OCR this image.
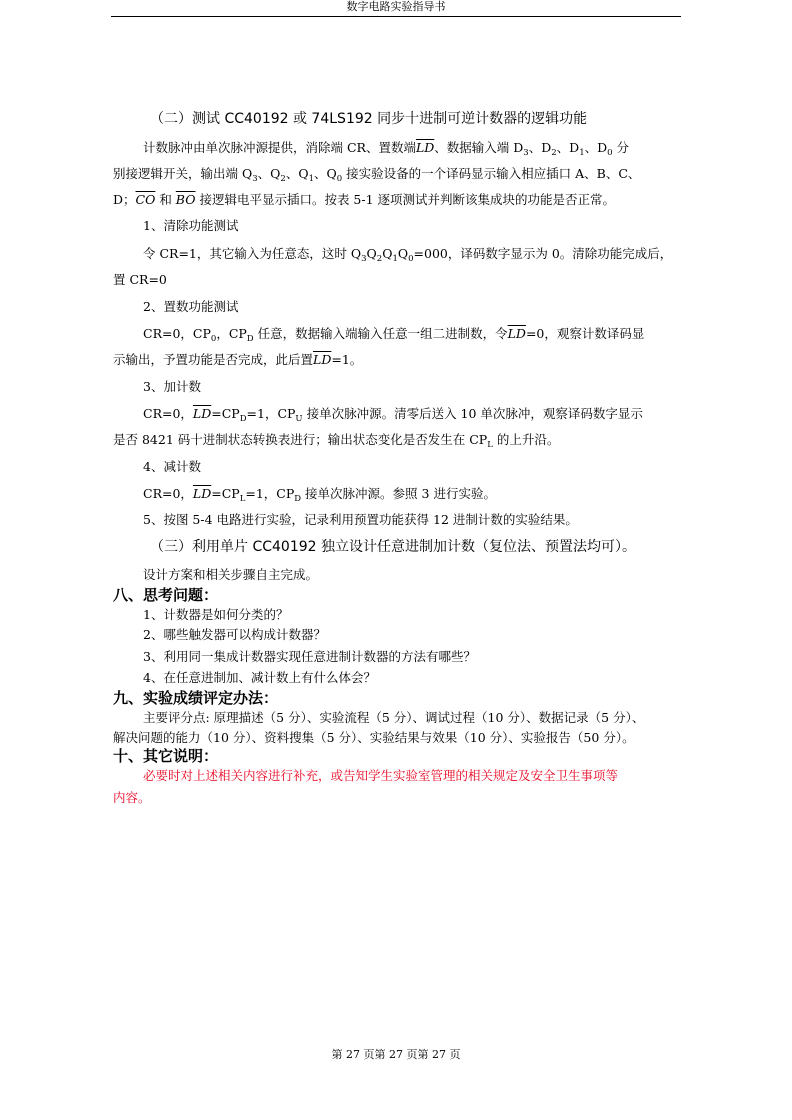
数字电路实验指导书
（二）测试 CC40192 或 74LS192 同步十进制可逆计数器的逻辑功能
计数脉冲由单次脉冲源提供，消除端 CR、置数端$\overline{LD}$、数据输入端 $D_3$、$D_2$、$D_1$、$D_0$ 分
别接逻辑开关，输出端 $Q_3$、$Q_2$、$Q_1$、$Q_0$ 接实验设备的一个译码显示输入相应插口 A、B、C、
D；$\overline{CO}$ 和 $\overline{BO}$ 接逻辑电平显示插口。按表 5-1 逐项测试并判断该集成块的功能是否正常。
1、清除功能测试
令 CR=1，其它输入为任意态，这时 $Q_3Q_2Q_1Q_0=000$，译码数字显示为 0。清除功能完成后，
置 CR=0
2、置数功能测试
CR=0，$CP_0$，$CP_D$ 任意，数据输入端输入任意一组二进制数，令$\overline{LD}=0$，观察计数译码显
示输出，予置功能是否完成，此后置$\overline{LD}=1$。
3、加计数
CR=0，$\overline{LD}=CP_D=1$，$CP_U$ 接单次脉冲源。清零后送入 10 单次脉冲，观察译码数字显示
是否 8421 码十进制状态转换表进行；输出状态变化是否发生在 $CP_L$ 的上升沿。
4、减计数
CR=0，$\overline{LD}=CP_L=1$，$CP_D$ 接单次脉冲源。参照 3 进行实验。
5、按图 5-4 电路进行实验，记录利用预置功能获得 12 进制计数的实验结果。
（三）利用单片 CC40192 独立设计任意进制加计数（复位法、预置法均可）。
设计方案和相关步骤自主完成。
八、思考问题：
1、计数器是如何分类的？
2、哪些触发器可以构成计数器？
3、利用同一集成计数器实现任意进制计数器的方法有哪些？
4、在任意进制加、减计数上有什么体会？
九、实验成绩评定办法：
主要评分点: 原理描述（5 分）、实验流程（5 分）、调试过程（10 分）、数据记录（5 分）、
解决问题的能力（10 分）、资料搜集（5 分）、实验结果与效果（10 分）、实验报告（50 分）。
十、其它说明：
必要时对上述相关内容进行补充，或告知学生实验室管理的相关规定及安全卫生事项等
内容。
第 27 页第 27 页第 27 页
